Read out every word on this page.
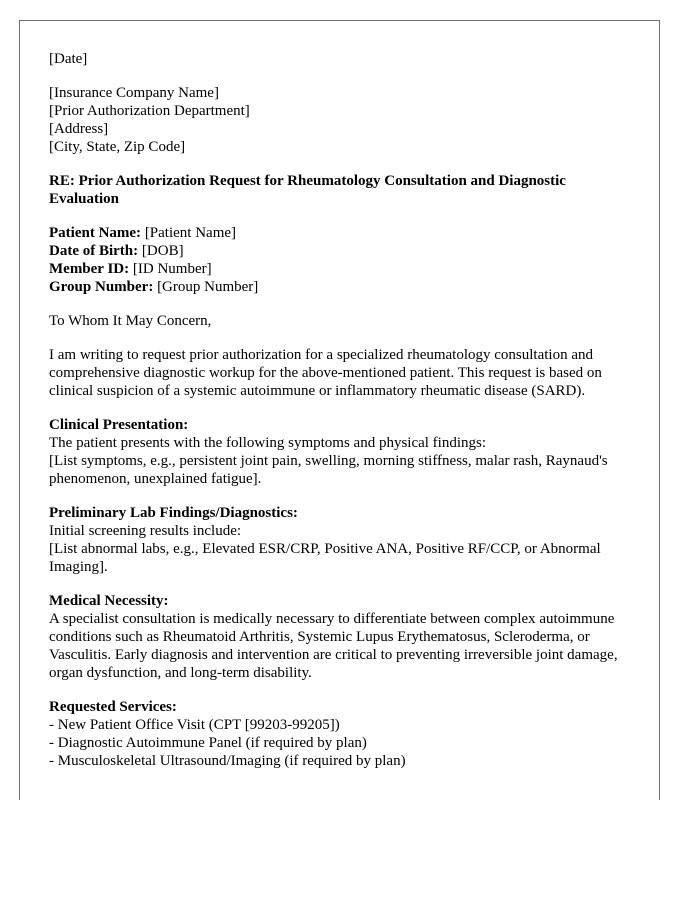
[Date]
[Insurance Company Name]
[Prior Authorization Department]
[Address]
[City, State, Zip Code]
RE: Prior Authorization Request for Rheumatology Consultation and Diagnostic Evaluation
Patient Name: [Patient Name]
Date of Birth: [DOB]
Member ID: [ID Number]
Group Number: [Group Number]

To Whom It May Concern,

I am writing to request prior authorization for a specialized rheumatology consultation and comprehensive diagnostic workup for the above-mentioned patient. This request is based on clinical suspicion of a systemic autoimmune or inflammatory rheumatic disease (SARD).

Clinical Presentation:
The patient presents with the following symptoms and physical findings:
[List symptoms, e.g., persistent joint pain, swelling, morning stiffness, malar rash, Raynaud's phenomenon, unexplained fatigue].
Preliminary Lab Findings/Diagnostics:
Initial screening results include:
[List abnormal labs, e.g., Elevated ESR/CRP, Positive ANA, Positive RF/CCP, or Abnormal Imaging].
Medical Necessity:
A specialist consultation is medically necessary to differentiate between complex autoimmune conditions such as Rheumatoid Arthritis, Systemic Lupus Erythematosus, Scleroderma, or Vasculitis. Early diagnosis and intervention are critical to preventing irreversible joint damage, organ dysfunction, and long-term disability.
Requested Services:
- New Patient Office Visit (CPT [99203-99205])
- Diagnostic Autoimmune Panel (if required by plan)
- Musculoskeletal Ultrasound/Imaging (if required by plan)
